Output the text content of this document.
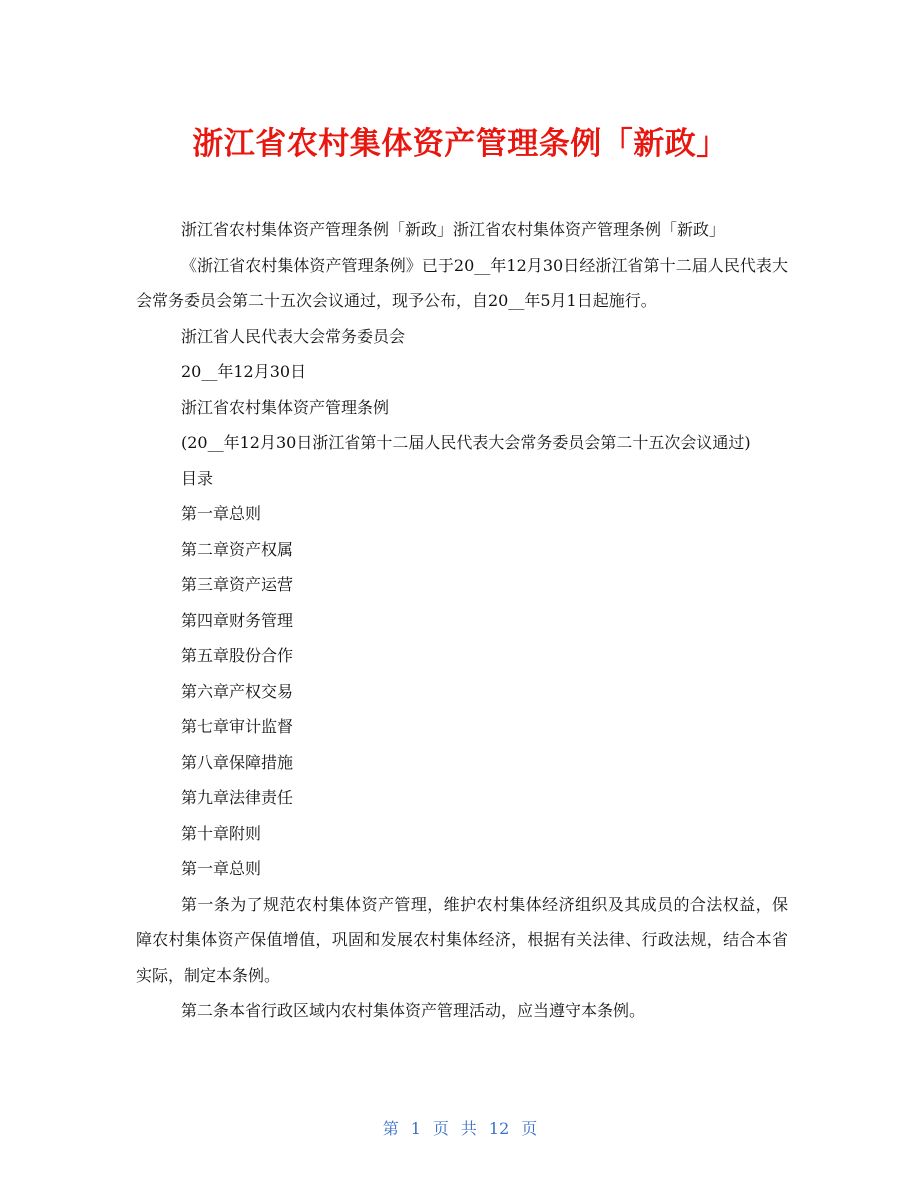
浙江省农村集体资产管理条例「新政」

浙江省农村集体资产管理条例「新政」浙江省农村集体资产管理条例「新政」

《浙江省农村集体资产管理条例》已于20__年12月30日经浙江省第十二届人民代表大会常务委员会第二十五次会议通过，现予公布，自20__年5月1日起施行。

浙江省人民代表大会常务委员会

20__年12月30日

浙江省农村集体资产管理条例

(20__年12月30日浙江省第十二届人民代表大会常务委员会第二十五次会议通过)

目录

第一章总则

第二章资产权属

第三章资产运营

第四章财务管理

第五章股份合作

第六章产权交易

第七章审计监督

第八章保障措施

第九章法律责任

第十章附则

第一章总则

第一条为了规范农村集体资产管理，维护农村集体经济组织及其成员的合法权益，保障农村集体资产保值增值，巩固和发展农村集体经济，根据有关法律、行政法规，结合本省实际，制定本条例。

第二条本省行政区域内农村集体资产管理活动，应当遵守本条例。

第 1 页 共 12 页
